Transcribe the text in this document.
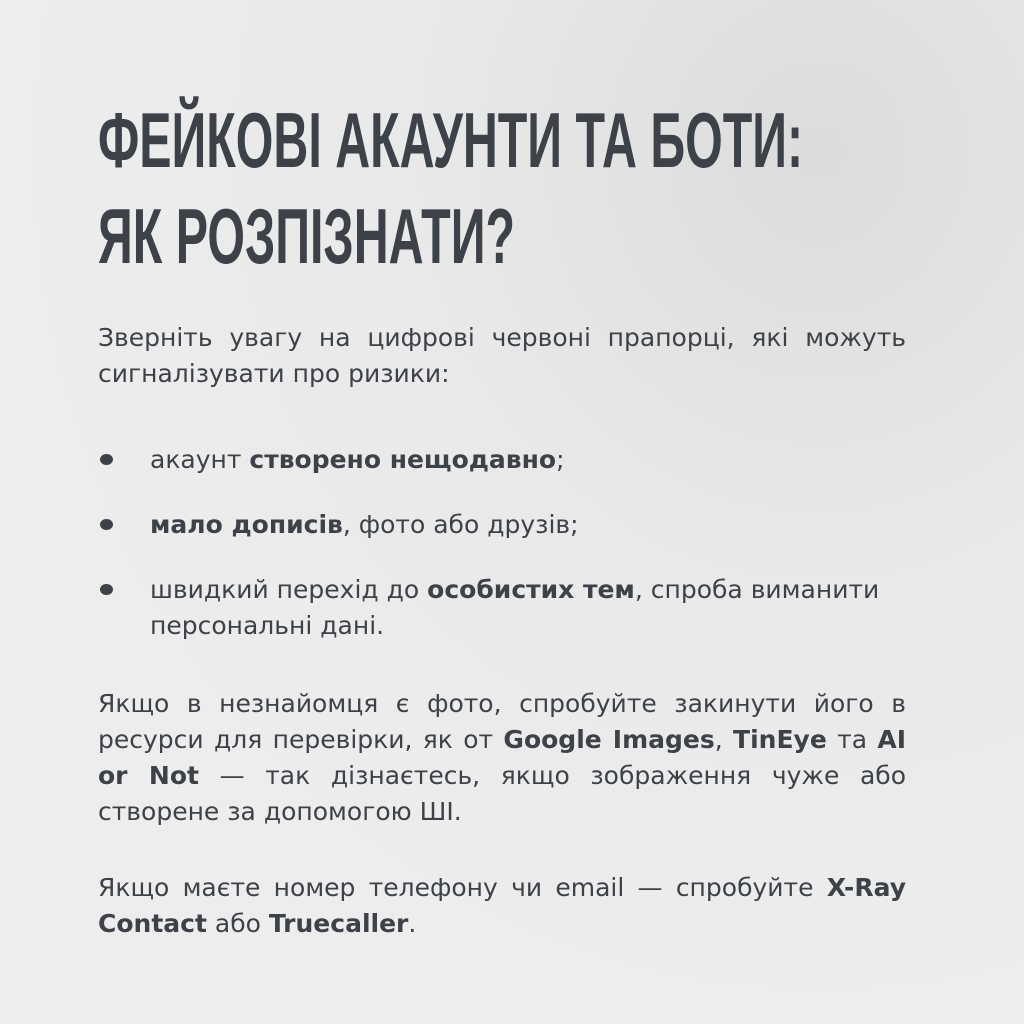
ФЕЙКОВІ АКАУНТИ ТА БОТИ:
ЯК РОЗПІЗНАТИ?

Зверніть увагу на цифрові червоні прапорці, які можуть сигналізувати про ризики:

акаунт створено нещодавно;
мало дописів, фото або друзів;
швидкий перехід до особистих тем, спроба виманити персональні дані.

Якщо в незнайомця є фото, спробуйте закинути його в ресурси для перевірки, як от Google Images, TinEye та AI or Not — так дізнаєтесь, якщо зображення чуже або створене за допомогою ШІ.

Якщо маєте номер телефону чи email — спробуйте X-Ray Contact або Truecaller.
